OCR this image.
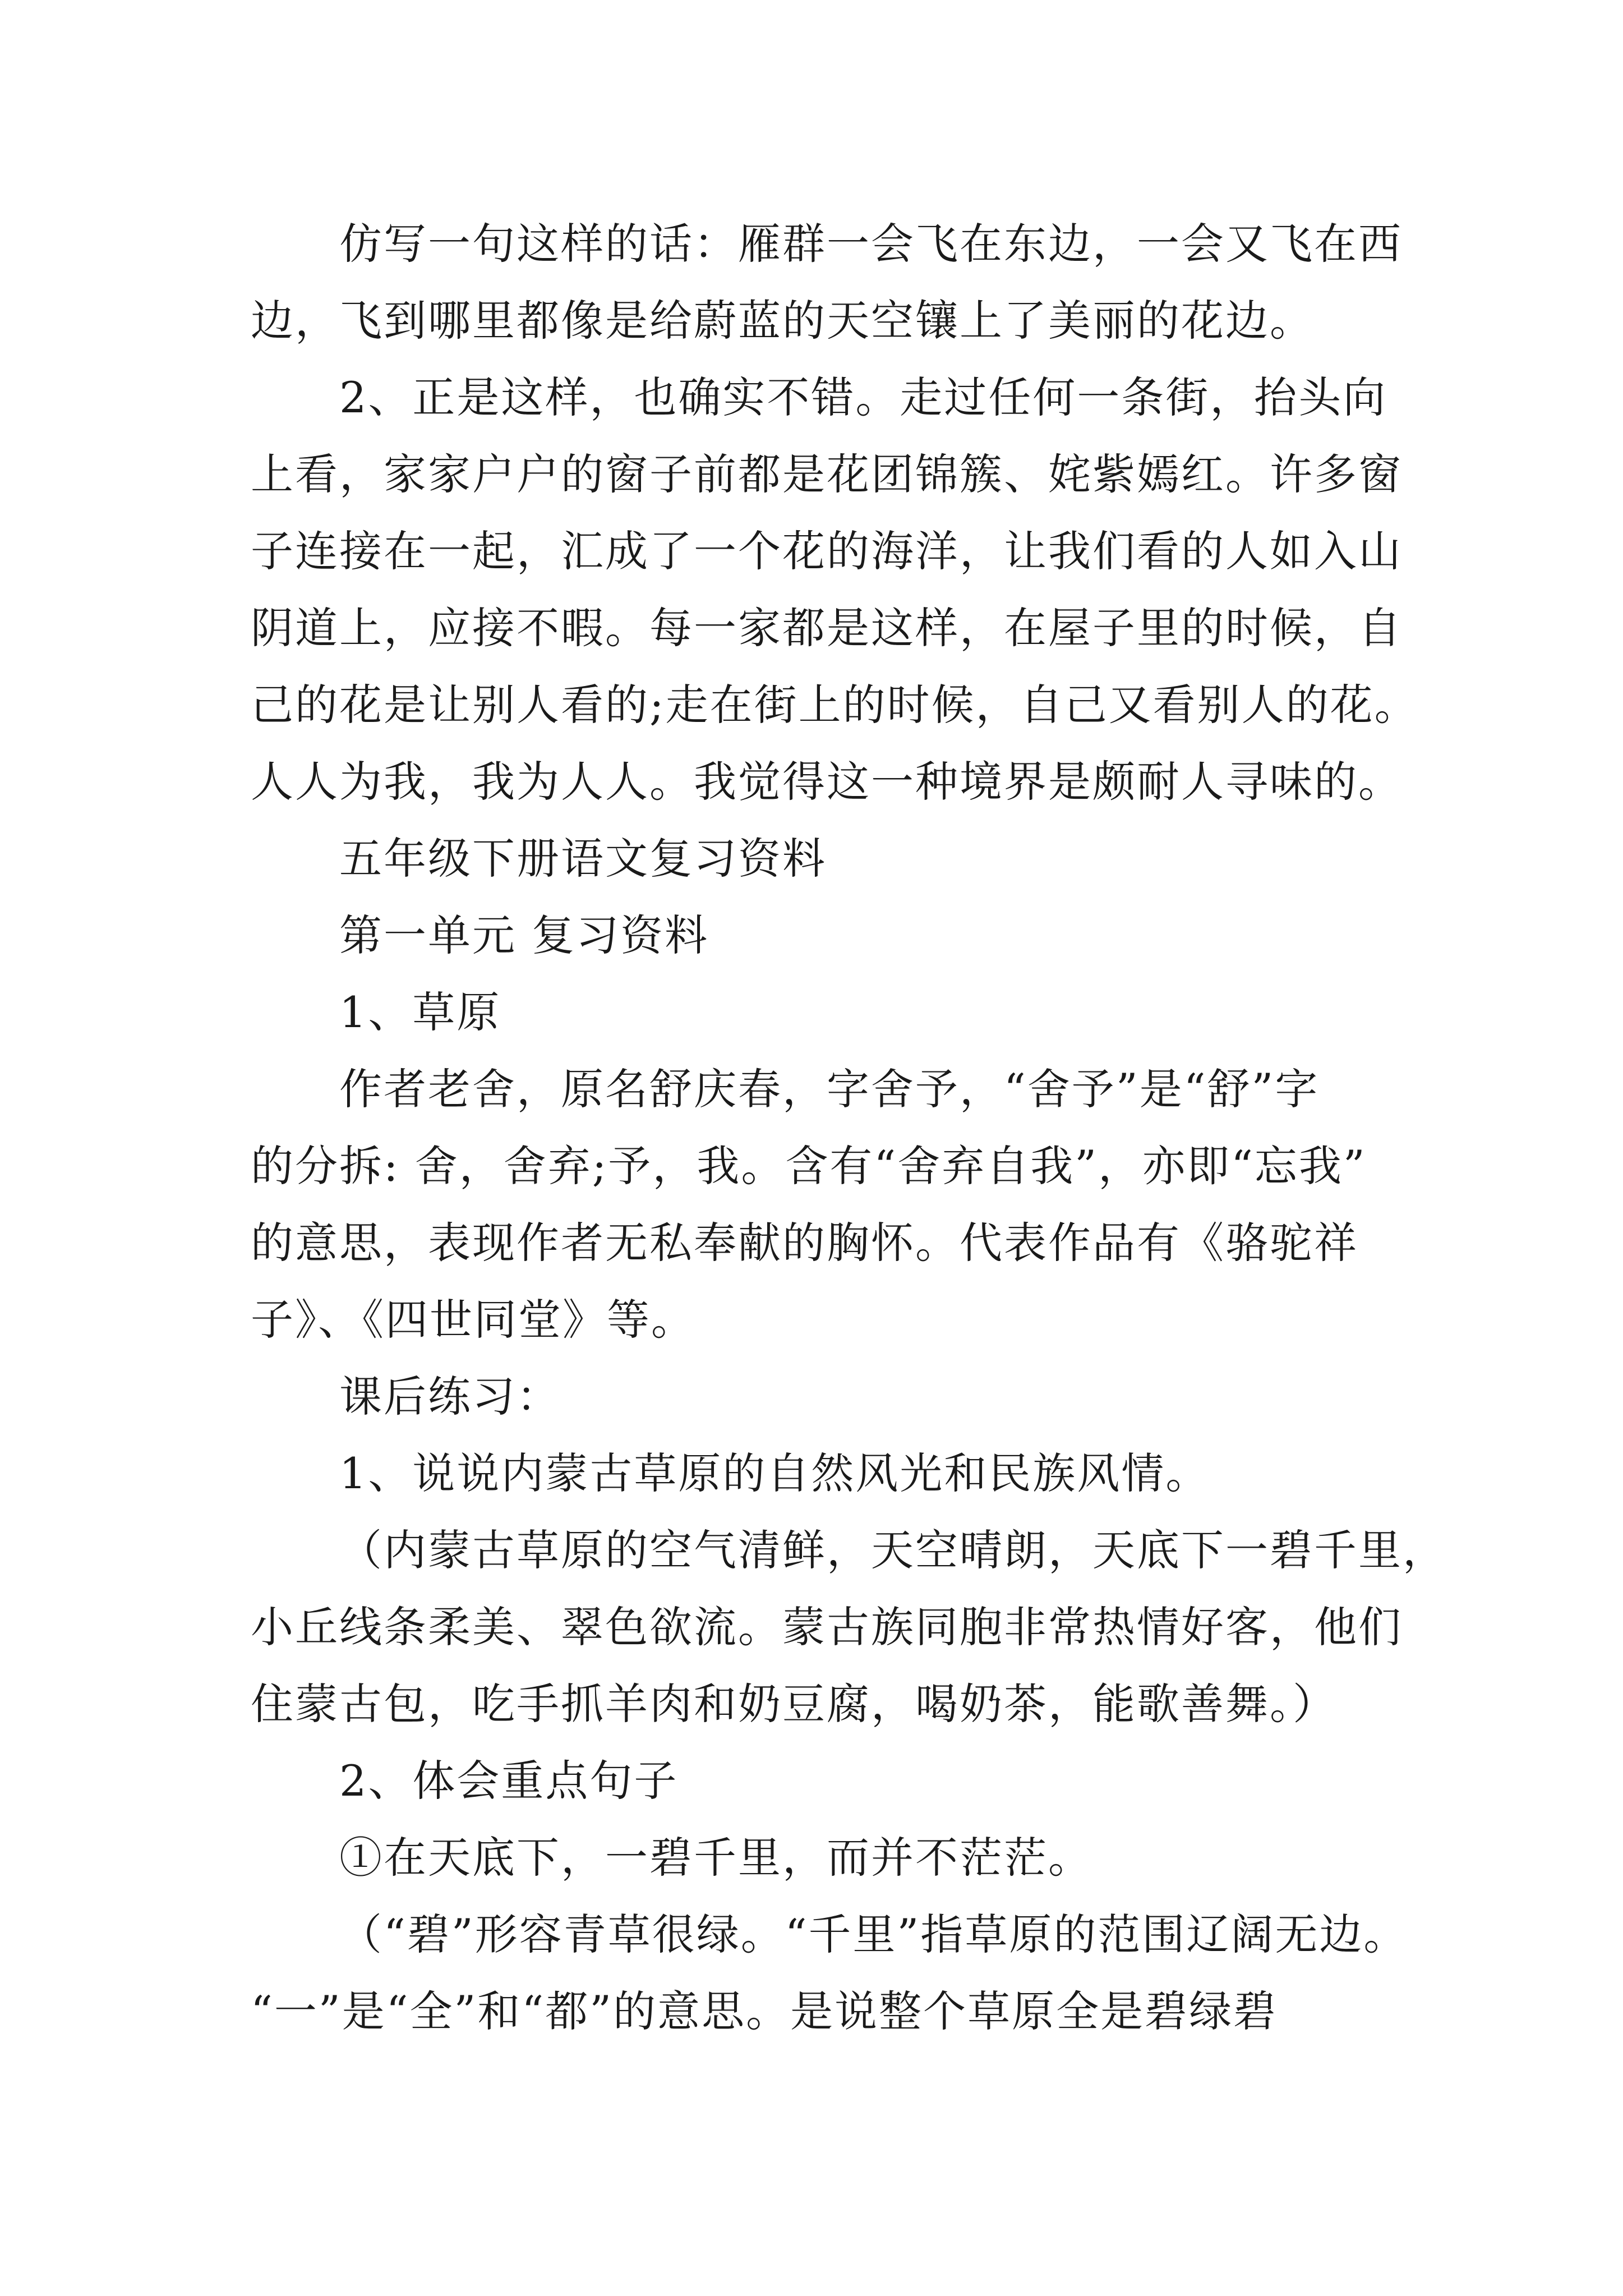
仿写一句这样的话：雁群一会飞在东边，一会又飞在西
边，飞到哪里都像是给蔚蓝的天空镶上了美丽的花边。
2、正是这样，也确实不错。走过任何一条街，抬头向
上看，家家户户的窗子前都是花团锦簇、姹紫嫣红。许多窗
子连接在一起，汇成了一个花的海洋，让我们看的人如入山
阴道上，应接不暇。每一家都是这样，在屋子里的时候，自
己的花是让别人看的;走在街上的时候，自己又看别人的花。
人人为我，我为人人。我觉得这一种境界是颇耐人寻味的。
五年级下册语文复习资料
第一单元 复习资料
1、草原
作者老舍，原名舒庆春，字舍予，“舍予”是“舒”字
的分拆: 舍，舍弃;予，我。含有“舍弃自我”，亦即“忘我”
的意思，表现作者无私奉献的胸怀。代表作品有《骆驼祥
子》、《四世同堂》等。
课后练习：
1、说说内蒙古草原的自然风光和民族风情。
（内蒙古草原的空气清鲜，天空晴朗，天底下一碧千里，
小丘线条柔美、翠色欲流。蒙古族同胞非常热情好客，他们
住蒙古包，吃手抓羊肉和奶豆腐，喝奶茶，能歌善舞。）
2、体会重点句子
①在天底下，一碧千里，而并不茫茫。
（“碧”形容青草很绿。“千里”指草原的范围辽阔无边。
“一”是“全”和“都”的意思。是说整个草原全是碧绿碧
